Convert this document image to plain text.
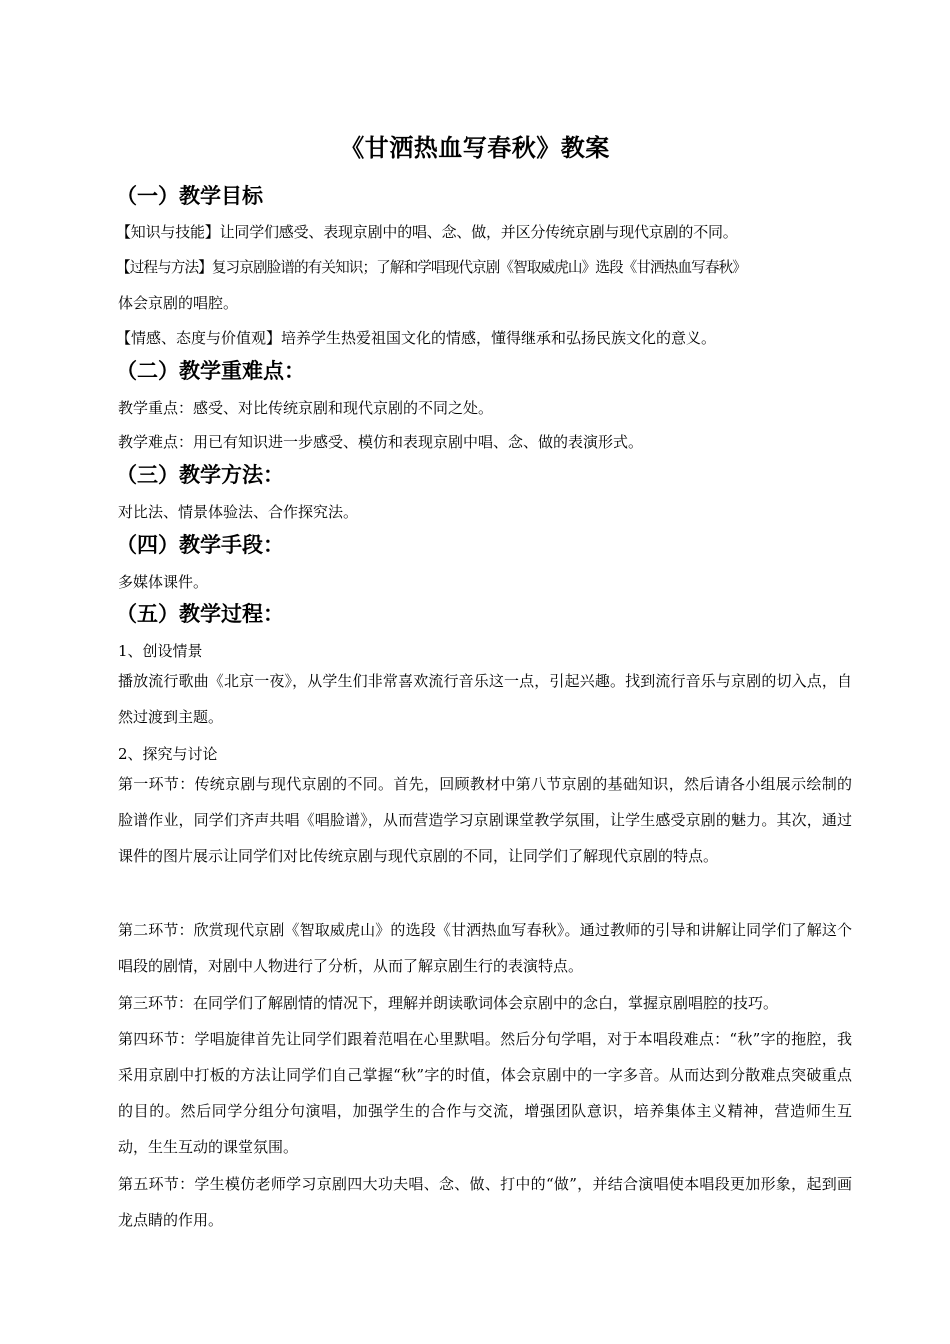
《甘洒热血写春秋》教案
（一）教学目标
【知识与技能】让同学们感受、表现京剧中的唱、念、做，并区分传统京剧与现代京剧的不同。
【过程与方法】复习京剧脸谱的有关知识；了解和学唱现代京剧《智取威虎山》选段《甘洒热血写春秋》
体会京剧的唱腔。
【情感、态度与价值观】培养学生热爱祖国文化的情感，懂得继承和弘扬民族文化的意义。
（二）教学重难点：
教学重点：感受、对比传统京剧和现代京剧的不同之处。
教学难点：用已有知识进一步感受、模仿和表现京剧中唱、念、做的表演形式。
（三）教学方法：
对比法、情景体验法、合作探究法。
（四）教学手段：
多媒体课件。
（五）教学过程：
1、创设情景
播放流行歌曲《北京一夜》，从学生们非常喜欢流行音乐这一点，引起兴趣。找到流行音乐与京剧的切入点，自然过渡到主题。
2、探究与讨论
第一环节：传统京剧与现代京剧的不同。首先，回顾教材中第八节京剧的基础知识，然后请各小组展示绘制的脸谱作业，同学们齐声共唱《唱脸谱》，从而营造学习京剧课堂教学氛围，让学生感受京剧的魅力。其次，通过课件的图片展示让同学们对比传统京剧与现代京剧的不同，让同学们了解现代京剧的特点。
第二环节：欣赏现代京剧《智取威虎山》的选段《甘洒热血写春秋》。通过教师的引导和讲解让同学们了解这个唱段的剧情，对剧中人物进行了分析，从而了解京剧生行的表演特点。
第三环节：在同学们了解剧情的情况下，理解并朗读歌词体会京剧中的念白，掌握京剧唱腔的技巧。
第四环节：学唱旋律首先让同学们跟着范唱在心里默唱。然后分句学唱，对于本唱段难点：“秋”字的拖腔，我采用京剧中打板的方法让同学们自己掌握“秋”字的时值，体会京剧中的一字多音。从而达到分散难点突破重点的目的。然后同学分组分句演唱，加强学生的合作与交流，增强团队意识，培养集体主义精神，营造师生互动，生生互动的课堂氛围。
第五环节：学生模仿老师学习京剧四大功夫唱、念、做、打中的“做”，并结合演唱使本唱段更加形象，起到画龙点睛的作用。
